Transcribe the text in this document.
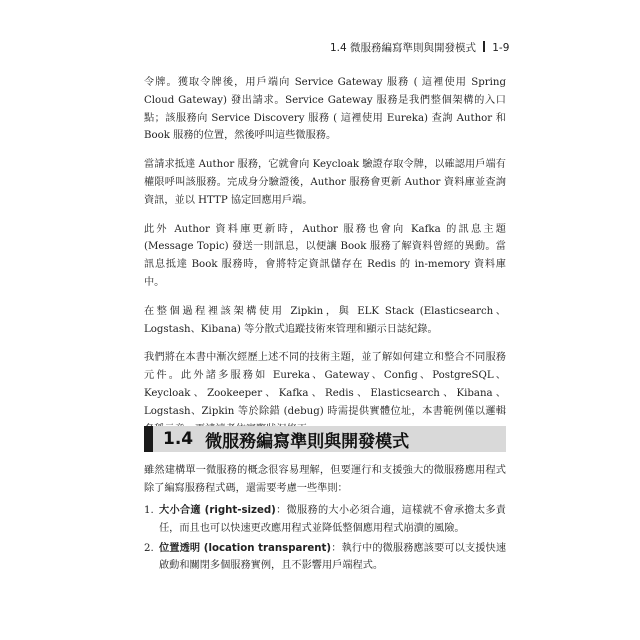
1.4 微服務編寫準則與開發模式 1-9

令牌。獲取令牌後，用戶端向 Service Gateway 服務 ( 這裡使用 Spring Cloud Gateway) 發出請求。Service Gateway 服務是我們整個架構的入口點；該服務向 Service Discovery 服務 ( 這裡使用 Eureka) 查詢 Author 和 Book 服務的位置，然後呼叫這些微服務。

當請求抵達 Author 服務，它就會向 Keycloak 驗證存取令牌，以確認用戶端有權限呼叫該服務。完成身分驗證後，Author 服務會更新 Author 資料庫並查詢資訊，並以 HTTP 協定回應用戶端。

此外 Author 資料庫更新時，Author 服務也會向 Kafka 的訊息主題 (Message Topic) 發送一則訊息，以便讓 Book 服務了解資料曾經的異動。當訊息抵達 Book 服務時，會將特定資訊儲存在 Redis 的 in-memory 資料庫中。

在整個過程裡該架構使用 Zipkin，與 ELK Stack (Elasticsearch、Logstash、Kibana) 等分散式追蹤技術來管理和顯示日誌紀錄。

我們將在本書中漸次經歷上述不同的技術主題，並了解如何建立和整合不同服務元件。此外諸多服務如 Eureka、Gateway、Config、PostgreSQL、Keycloak、Zookeeper、Kafka、Redis、Elasticsearch、Kibana、Logstash、Zipkin 等於除錯 (debug) 時需提供實體位址，本書範例僅以邏輯

1.4 微服務編寫準則與開發模式

雖然建構單一微服務的概念很容易理解，但要運行和支援強大的微服務應用程式除了編寫服務程式碼，還需要考慮一些準則：

1. 大小合適 (right-sized)：微服務的大小必須合適，這樣就不會承擔太多責任，而且也可以快速更改應用程式並降低整個應用程式崩潰的風險。
2. 位置透明 (location transparent)：執行中的微服務應該要可以支援快速啟動和關閉多個服務實例，且不影響用戶端程式。
